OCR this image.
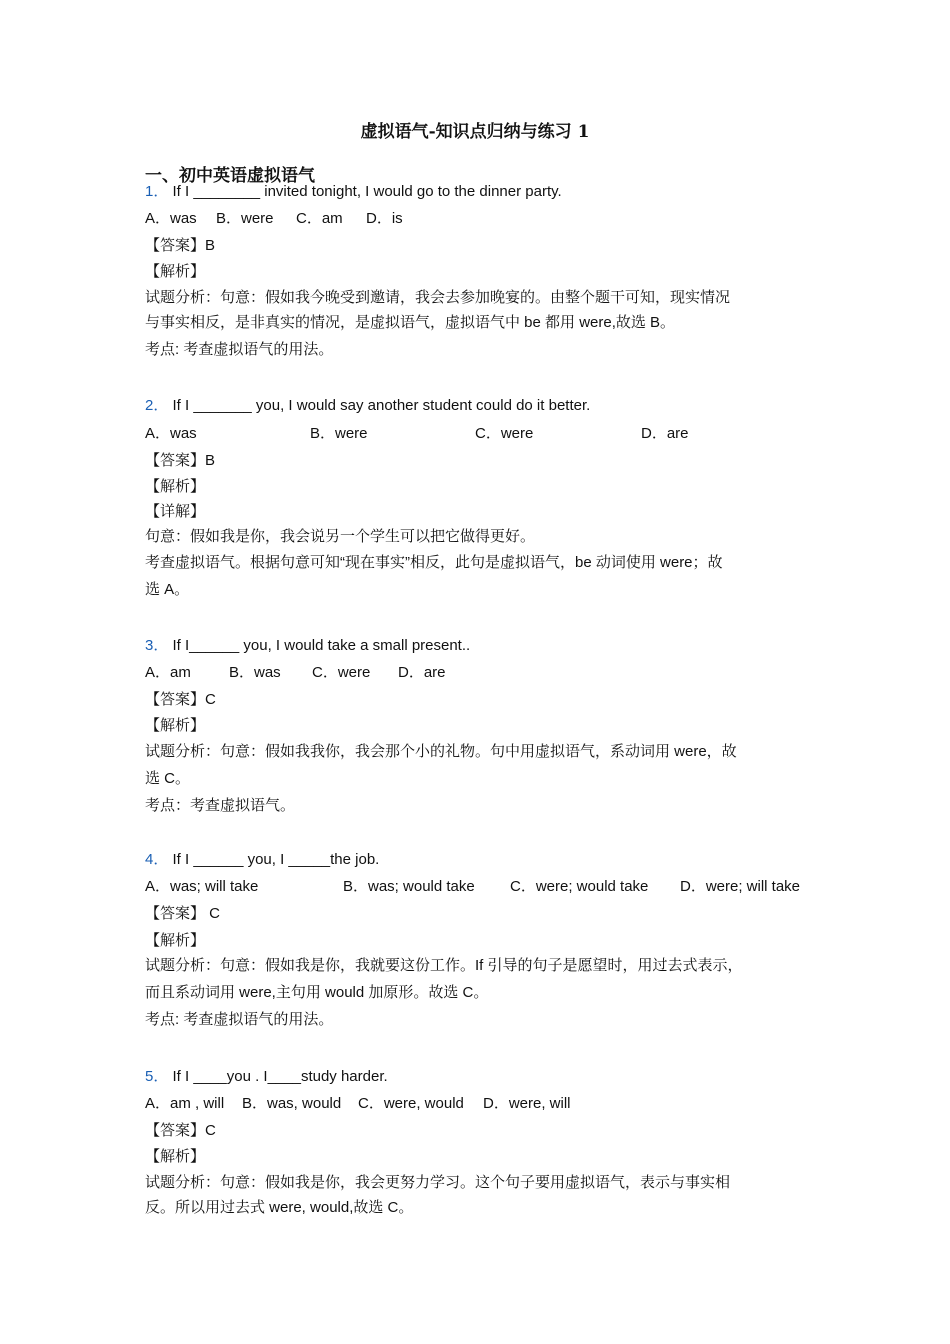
虚拟语气-知识点归纳与练习 1
一、初中英语虚拟语气
1． If I ________ invited tonight, I would go to the dinner party.
A．was B．were C．am D．is
【答案】B
【解析】
试题分析：句意：假如我今晚受到邀请，我会去参加晚宴的。由整个题干可知，现实情况
与事实相反，是非真实的情况，是虚拟语气，虚拟语气中 be 都用 were,故选 B。
考点: 考查虚拟语气的用法。
2． If I _______ you, I would say another student could do it better.
A．was	B．were	C．were	D．are
【答案】B
【解析】
【详解】
句意：假如我是你，我会说另一个学生可以把它做得更好。
考查虚拟语气。根据句意可知“现在事实”相反，此句是虚拟语气，be 动词使用 were；故
选 A。
3． If I______ you, I would take a small present..
A．am	B．was C．were D．are
【答案】C
【解析】
试题分析：句意：假如我我你，我会那个小的礼物。句中用虚拟语气，系动词用 were，故
选 C。
考点：考查虚拟语气。
4． If I ______ you, I _____the job.
A．was; will take	B．was; would take C．were; would take D．were; will take
【答案】 C
【解析】
试题分析：句意：假如我是你，我就要这份工作。If 引导的句子是愿望时，用过去式表示，
而且系动词用 were,主句用 would 加原形。故选 C。
考点: 考查虚拟语气的用法。
5． If I ____you . I____study harder.
A．am , will B．was, would C．were, would D．were, will
【答案】C
【解析】
试题分析：句意：假如我是你，我会更努力学习。这个句子要用虚拟语气，表示与事实相
反。所以用过去式 were, would,故选 C。
